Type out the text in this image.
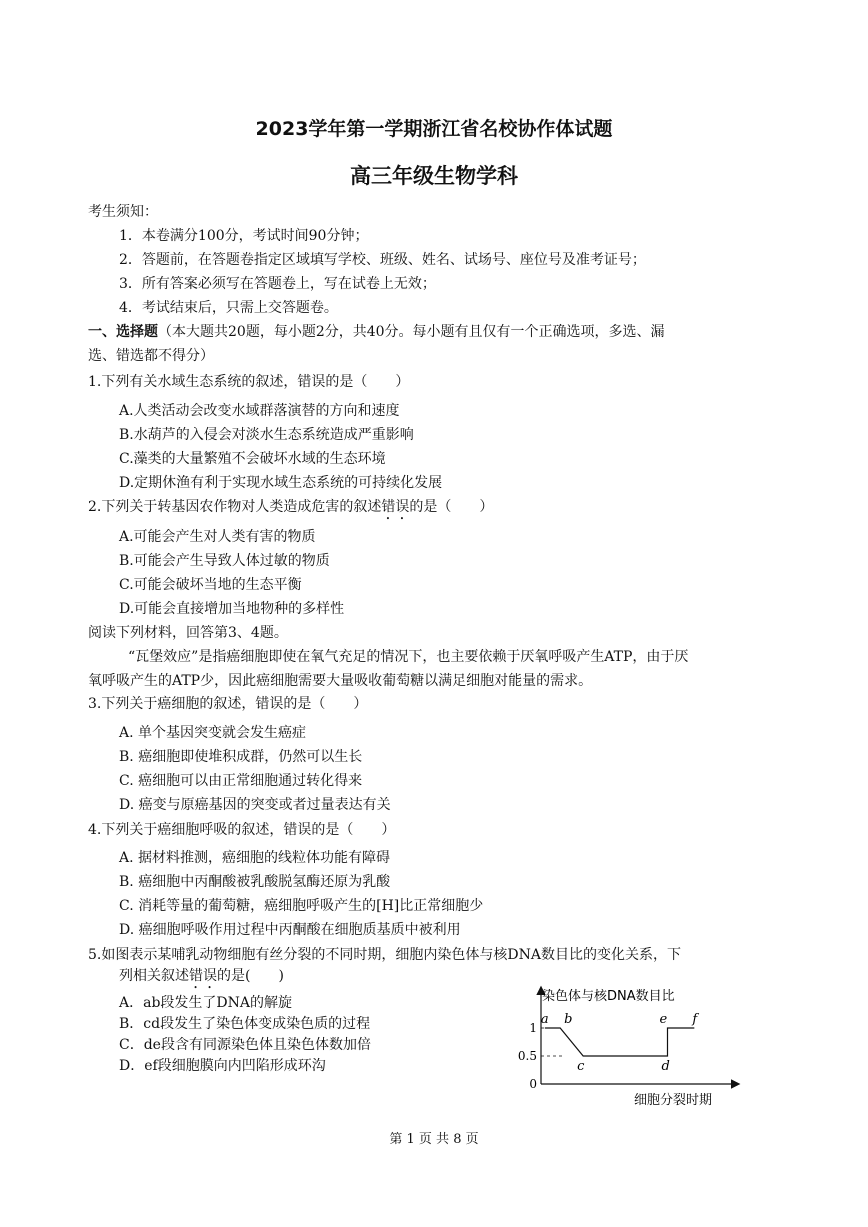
2023学年第一学期浙江省名校协作体试题
高三年级生物学科
考生须知：
1．本卷满分100分，考试时间90分钟；
2．答题前，在答题卷指定区域填写学校、班级、姓名、试场号、座位号及准考证号；
3．所有答案必须写在答题卷上，写在试卷上无效；
4．考试结束后，只需上交答题卷。
一、选择题（本大题共20题，每小题2分，共40分。每小题有且仅有一个正确选项，多选、漏
选、错选都不得分）
1.下列有关水域生态系统的叙述，错误的是（　　）
A.人类活动会改变水域群落演替的方向和速度
B.水葫芦的入侵会对淡水生态系统造成严重影响
C.藻类的大量繁殖不会破坏水域的生态环境
D.定期休渔有利于实现水域生态系统的可持续化发展
2.下列关于转基因农作物对人类造成危害的叙述错误的是（　　）
A.可能会产生对人类有害的物质
B.可能会产生导致人体过敏的物质
C.可能会破坏当地的生态平衡
D.可能会直接增加当地物种的多样性
阅读下列材料，回答第3、4题。
“瓦堡效应”是指癌细胞即使在氧气充足的情况下，也主要依赖于厌氧呼吸产生ATP，由于厌
氧呼吸产生的ATP少，因此癌细胞需要大量吸收葡萄糖以满足细胞对能量的需求。
3.下列关于癌细胞的叙述，错误的是（　　）
A. 单个基因突变就会发生癌症
B. 癌细胞即使堆积成群，仍然可以生长
C. 癌细胞可以由正常细胞通过转化得来
D. 癌变与原癌基因的突变或者过量表达有关
4.下列关于癌细胞呼吸的叙述，错误的是（　　）
A. 据材料推测，癌细胞的线粒体功能有障碍
B. 癌细胞中丙酮酸被乳酸脱氢酶还原为乳酸
C. 消耗等量的葡萄糖，癌细胞呼吸产生的[H]比正常细胞少
D. 癌细胞呼吸作用过程中丙酮酸在细胞质基质中被利用
5.如图表示某哺乳动物细胞有丝分裂的不同时期，细胞内染色体与核DNA数目比的变化关系，下
列相关叙述错误的是(　　)
A．ab段发生了DNA的解旋
B．cd段发生了染色体变成染色质的过程
C．de段含有同源染色体且染色体数加倍
D．ef段细胞膜向内凹陷形成环沟
染色体与核DNA数目比
细胞分裂时期
1
0.5
0
a b
c	d
e f
第 1 页 共 8 页
